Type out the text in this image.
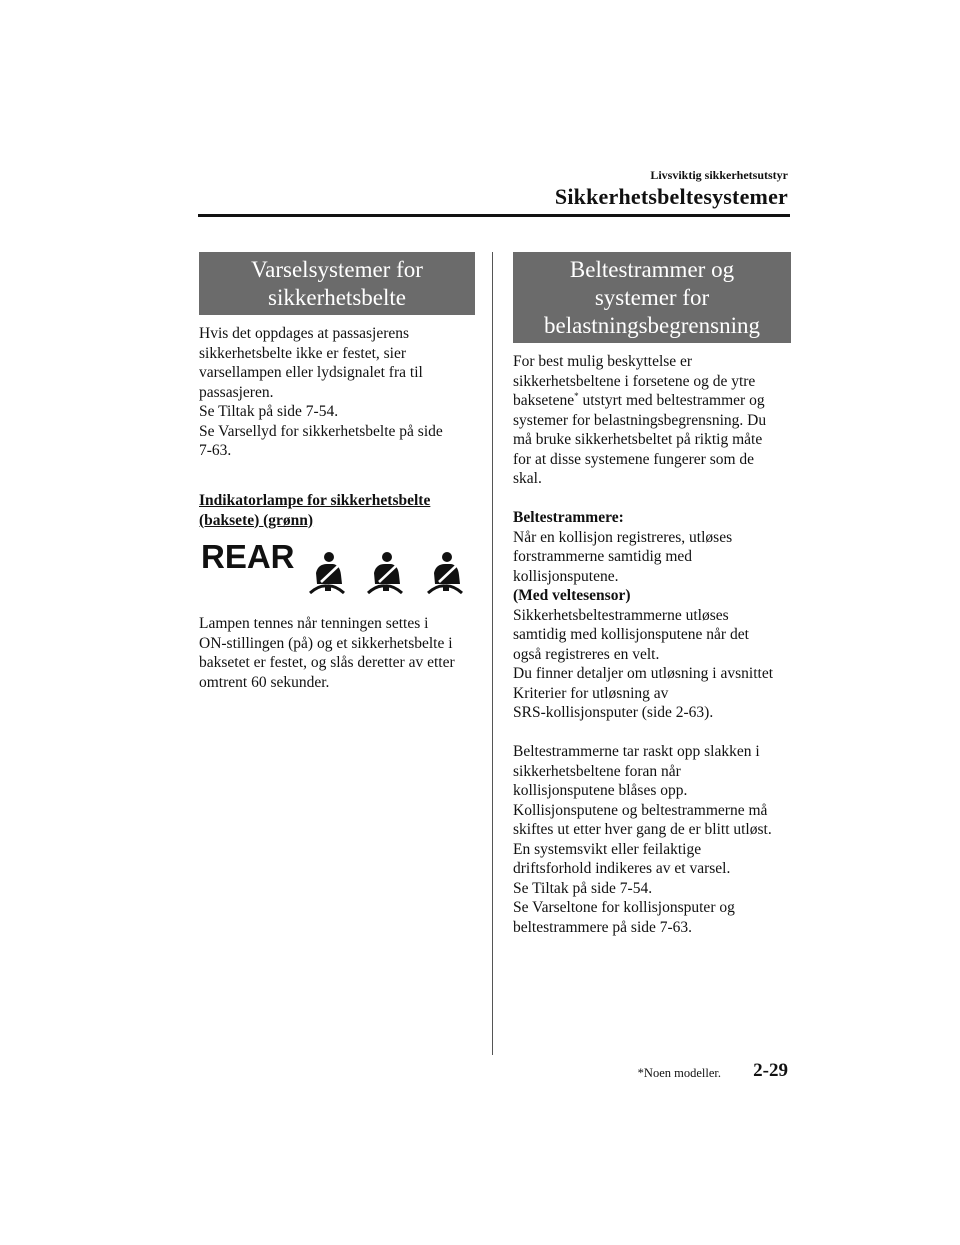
Livsviktig sikkerhetsutstyr
Sikkerhetsbeltesystemer
Varselsystemer for
sikkerhetsbelte

Hvis det oppdages at passasjerens

sikkerhetsbelte ikke er festet, sier

varsellampen eller lydsignalet fra til

passasjeren.

Se Tiltak på side 7-54.

Se Varsellyd for sikkerhetsbelte på side

7-63.

Indikatorlampe for sikkerhetsbelte

(baksete) (grønn)

REAR

Lampen tennes når tenningen settes i

ON-stillingen (på) og et sikkerhetsbelte i

baksetet er festet, og slås deretter av etter

omtrent 60 sekunder.

Beltestrammer og
systemer for
belastningsbegrensning

For best mulig beskyttelse er

sikkerhetsbeltene i forsetene og de ytre

baksetene* utstyrt med beltestrammer og

systemer for belastningsbegrensning. Du

må bruke sikkerhetsbeltet på riktig måte

for at disse systemene fungerer som de

skal.

Beltestrammere:

Når en kollisjon registreres, utløses

forstrammerne samtidig med

kollisjonsputene.

(Med veltesensor)

Sikkerhetsbeltestrammerne utløses

samtidig med kollisjonsputene når det

også registreres en velt.

Du finner detaljer om utløsning i avsnittet

Kriterier for utløsning av

SRS-kollisjonsputer (side 2-63).

Beltestrammerne tar raskt opp slakken i

sikkerhetsbeltene foran når

kollisjonsputene blåses opp.

Kollisjonsputene og beltestrammerne må

skiftes ut etter hver gang de er blitt utløst.

En systemsvikt eller feilaktige

driftsforhold indikeres av et varsel.

Se Tiltak på side 7-54.

Se Varseltone for kollisjonsputer og

beltestrammere på side 7-63.

*Noen modeller. 2-29
